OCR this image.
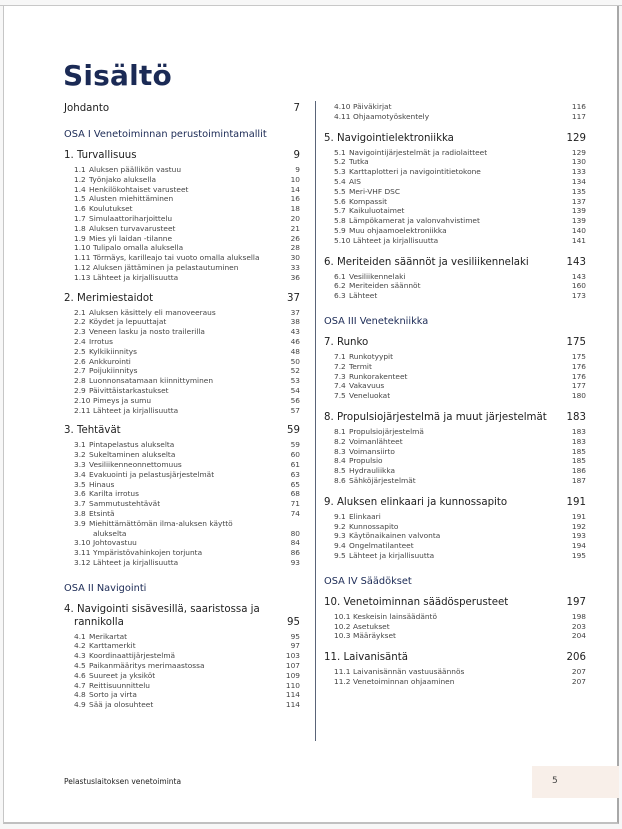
Sisältö
Johdanto	7
OSA I Venetoiminnan perustoimintamallit
1. Turvallisuus	9
1.1 Aluksen päällikön vastuu	9
1.2 Työnjako aluksella	10
1.4 Henkilökohtaiset varusteet	14
1.5 Alusten miehittäminen	16
1.6 Koulutukset	18
1.7 Simulaattoriharjoittelu	20
1.8 Aluksen turvavarusteet	21
1.9 Mies yli laidan -tilanne	26
1.10 Tulipalo omalla aluksella	28
1.11 Törmäys, karilleajo tai vuoto omalla aluksella	30
1.12 Aluksen jättäminen ja pelastautuminen	33
1.13 Lähteet ja kirjallisuutta	36
2. Merimiestaidot	37
2.1 Aluksen käsittely eli manoveeraus	37
2.2 Köydet ja lepuuttajat	38
2.3 Veneen lasku ja nosto trailerilla	43
2.4 Irrotus	46
2.5 Kylkikiinnitys	48
2.6 Ankkurointi	50
2.7 Poijukiinnitys	52
2.8 Luonnonsatamaan kiinnittyminen	53
2.9 Päivittäistarkastukset	54
2.10 Pimeys ja sumu	56
2.11 Lähteet ja kirjallisuutta	57
3. Tehtävät	59
3.1 Pintapelastus alukselta	59
3.2 Sukeltaminen alukselta	60
3.3 Vesiliikenneonnettomuus	61
3.4 Evakuointi ja pelastusjärjestelmät	63
3.5 Hinaus	65
3.6 Karilta irrotus	68
3.7 Sammutustehtävät	71
3.8 Etsintä	74
3.9 Miehittämättömän ilma-aluksen käyttö
alukselta	80
3.10 Johtovastuu	84
3.11 Ympäristövahinkojen torjunta	86
3.12 Lähteet ja kirjallisuutta	93
OSA II Navigointi
4. Navigointi sisävesillä, saaristossa ja
rannikolla	95
4.1 Merikartat	95
4.2 Karttamerkit	97
4.3 Koordinaattijärjestelmä	103
4.5 Paikanmääritys merimaastossa	107
4.6 Suureet ja yksiköt	109
4.7 Reittisuunnittelu	110
4.8 Sorto ja virta	114
4.9 Sää ja olosuhteet	114
4.10 Päiväkirjat	116
4.11 Ohjaamotyöskentely	117
5. Navigointielektroniikka	129
5.1 Navigointijärjestelmät ja radiolaitteet	129
5.2 Tutka	130
5.3 Karttaplotteri ja navigointitietokone	133
5.4 AIS	134
5.5 Meri-VHF DSC	135
5.6 Kompassit	137
5.7 Kaikuluotaimet	139
5.8 Lämpökamerat ja valonvahvistimet	139
5.9 Muu ohjaamoelektroniikka	140
5.10 Lähteet ja kirjallisuutta	141
6. Meriteiden säännöt ja vesiliikennelaki	143
6.1 Vesiliikennelaki	143
6.2 Meriteiden säännöt	160
6.3 Lähteet	173
OSA III Venetekniikka
7. Runko	175
7.1 Runkotyypit	175
7.2 Termit	176
7.3 Runkorakenteet	176
7.4 Vakavuus	177
7.5 Veneluokat	180
8. Propulsiojärjestelmä ja muut järjestelmät 183
8.1 Propulsiojärjestelmä	183
8.2 Voimanlähteet	183
8.3 Voimansiirto	185
8.4 Propulsio	185
8.5 Hydrauliikka	186
8.6 Sähköjärjestelmät	187
9. Aluksen elinkaari ja kunnossapito	191
9.1 Elinkaari	191
9.2 Kunnossapito	192
9.3 Käytönaikainen valvonta	193
9.4 Ongelmatilanteet	194
9.5 Lähteet ja kirjallisuutta	195
OSA IV Säädökset
10. Venetoiminnan säädösperusteet	197
10.1 Keskeisin lainsäädäntö	198
10.2 Asetukset	203
10.3 Määräykset	204
11. Laivanisäntä	206
11.1 Laivanisännän vastuusäännös	207
11.2 Venetoiminnan ohjaaminen	207
Pelastuslaitoksen venetoiminta	5
